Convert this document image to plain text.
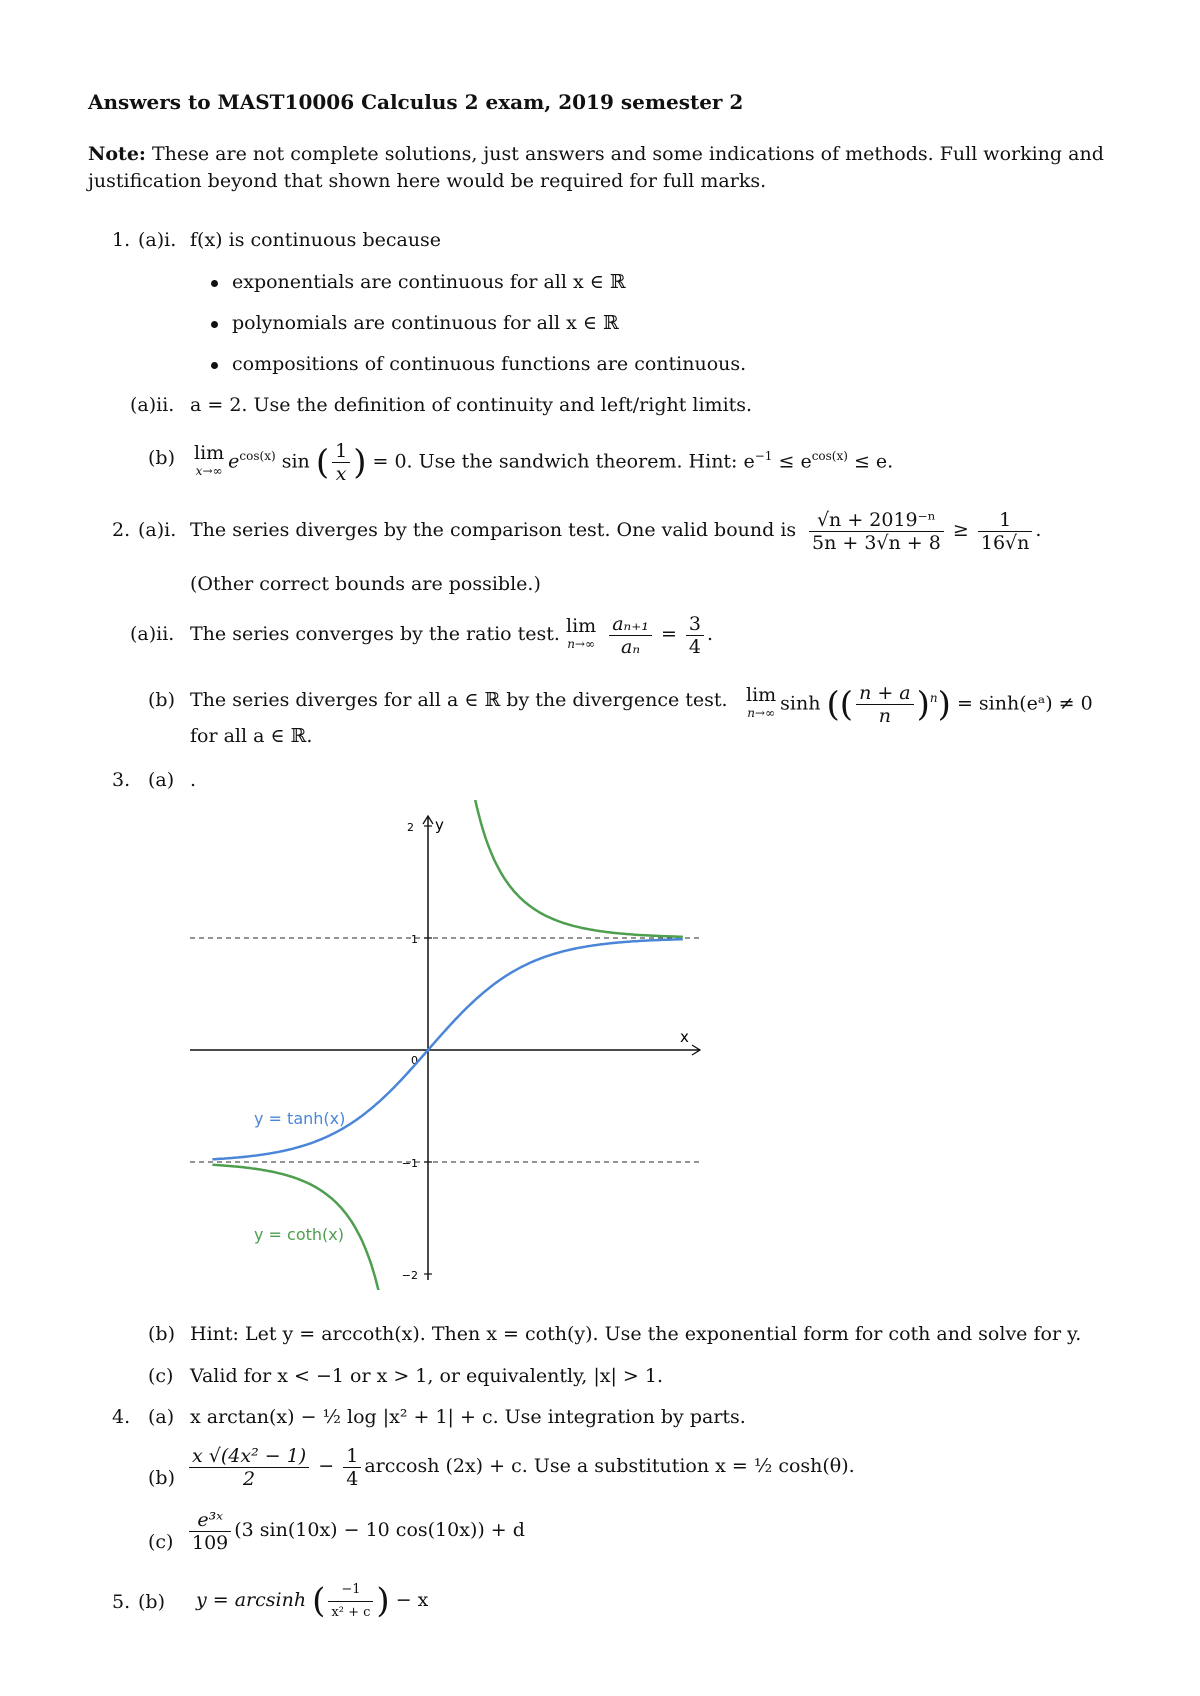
Answers to MAST10006 Calculus 2 exam, 2019 semester 2
Note: These are not complete solutions, just answers and some indications of methods. Full working and justification beyond that shown here would be required for full marks.
1. (a)i. f(x) is continuous because
exponentials are continuous for all x ∈ ℝ
polynomials are continuous for all x ∈ ℝ
compositions of continuous functions are continuous.
(a)ii. a = 2. Use the definition of continuity and left/right limits.
(b) lim
x→∞ $e^{cos(x)}$ sin ( $\frac{1}{x}$ ) = 0. Use the sandwich theorem. Hint: $e^{-1} \le e^{cos(x)} \le e$.
2. (a)i. The series diverges by the comparison test. One valid bound is $\frac{\text{√n + 2019⁻ⁿ}}{5n + 3√n + 8} \ge \frac{1}{16√n}$ .
(Other correct bounds are possible.)
(a)ii. The series converges by the ratio test. lim
n→∞
$\frac{\text{aₙ₊₁}}{\text{aₙ}} = \frac{3}{4}$ .
(b) The series diverges for all a ∈ ℝ by the divergence test. lim
n→∞ sinh (( $\frac{n + a}{n} )^n$) = sinh(eᵃ) ≠ 0
for all a ∈ ℝ.
3. (a) .
2
1
0
−1
−2
x
y
y = tanh(x)
y = coth(x)
(b) Hint: Let y = arccoth(x). Then x = coth(y). Use the exponential form for coth and solve for y.
(c) Valid for x < −1 or x > 1, or equivalently, |x| > 1.
4. (a) x arctan(x) − ½ log |x² + 1| + c. Use integration by parts.
$(b) \frac{\text{x √(4x² − 1)}}{2} - \frac{1}{4}$ arccosh (2x) + c. Use a substitution x = ½ cosh(θ).
$(c) \frac{\text{e³ˣ}}{109} (3$ sin(10x) − 10 cos(10x)) + d
5. (b) y = arcsinh ( $\frac{-1}{\text{x² + c}}$ ) − x
